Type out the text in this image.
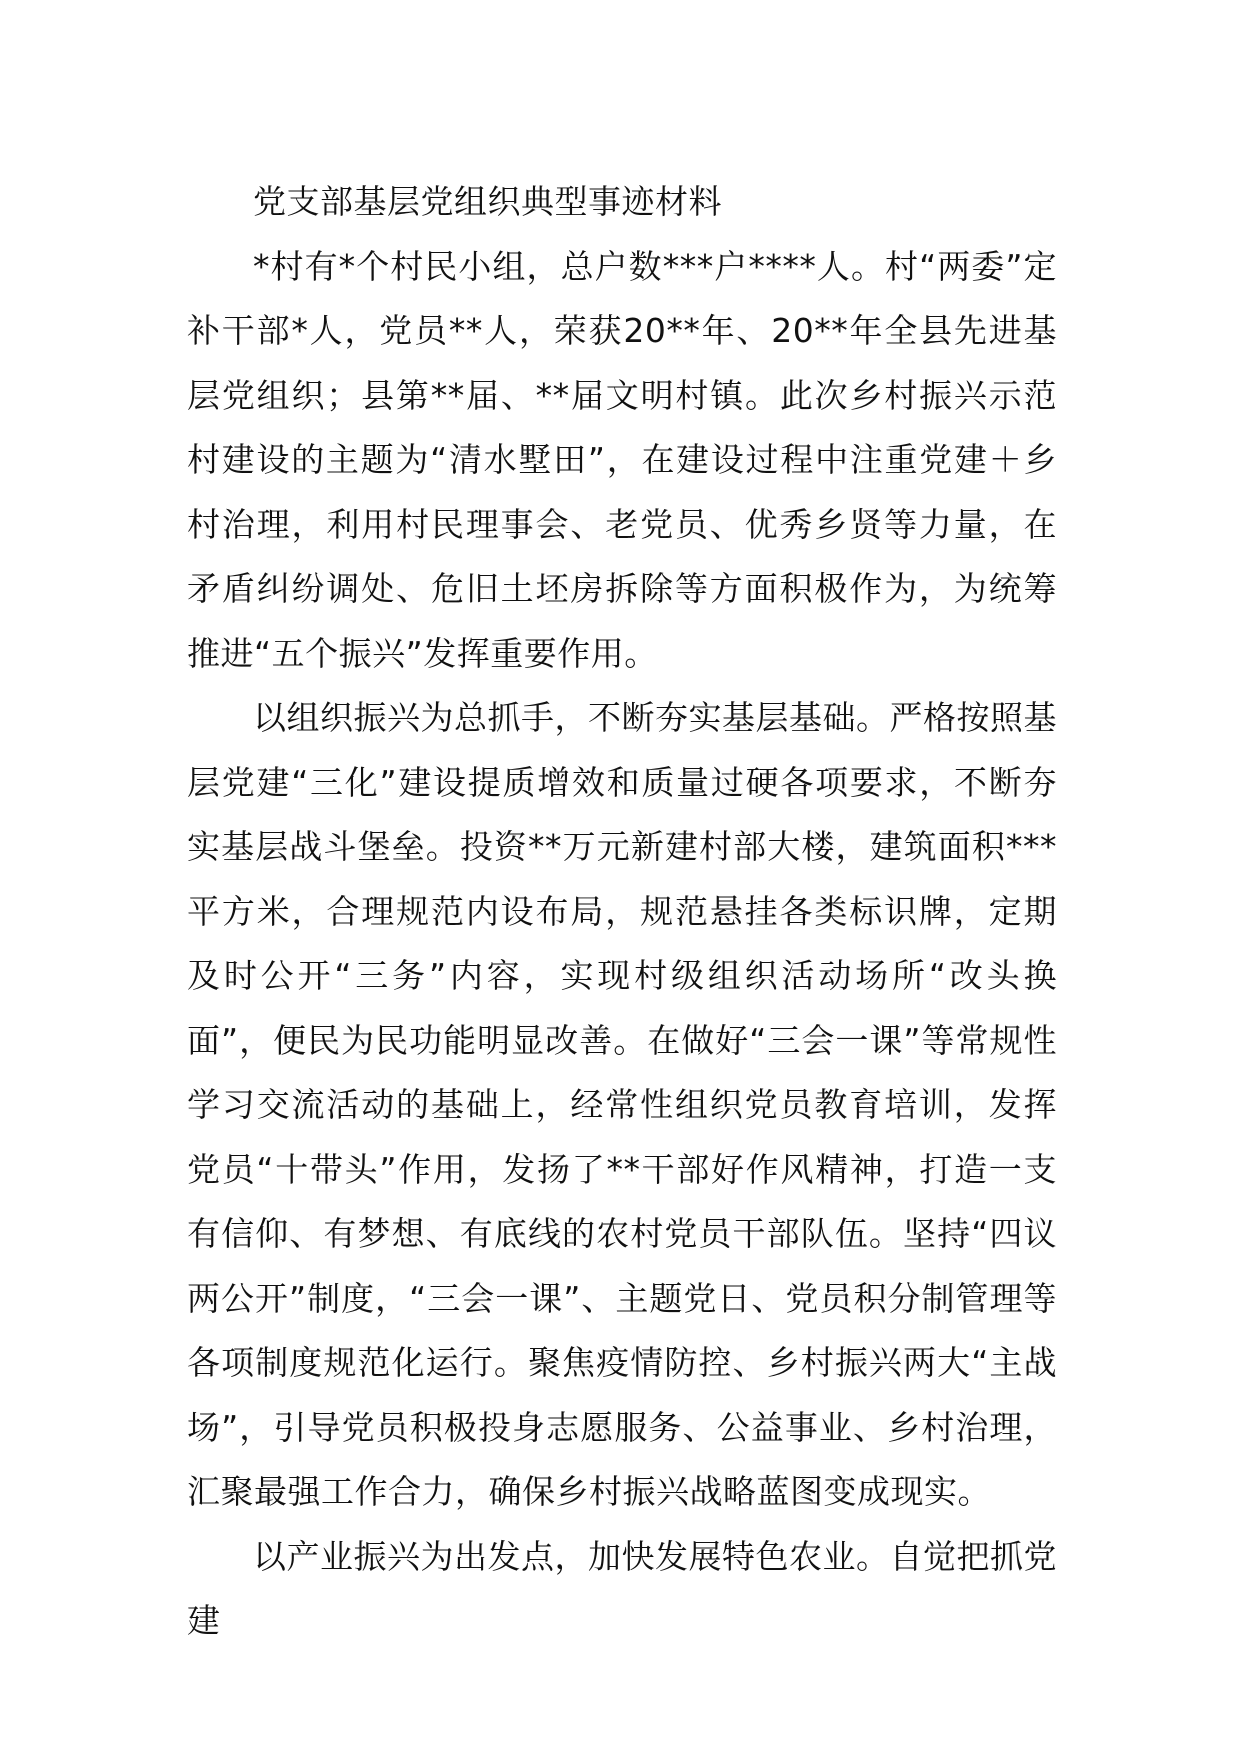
党支部基层党组织典型事迹材料

*村有*个村民小组，总户数***户****人。村“两委”定补干部*人，党员**人，荣获20**年、20**年全县先进基层党组织；县第**届、**届文明村镇。此次乡村振兴示范村建设的主题为“清水墅田”，在建设过程中注重党建＋乡村治理，利用村民理事会、老党员、优秀乡贤等力量，在矛盾纠纷调处、危旧土坯房拆除等方面积极作为，为统筹推进“五个振兴”发挥重要作用。

以组织振兴为总抓手，不断夯实基层基础。严格按照基层党建“三化”建设提质增效和质量过硬各项要求，不断夯实基层战斗堡垒。投资**万元新建村部大楼，建筑面积***平方米，合理规范内设布局，规范悬挂各类标识牌，定期及时公开“三务”内容，实现村级组织活动场所“改头换面”，便民为民功能明显改善。在做好“三会一课”等常规性学习交流活动的基础上，经常性组织党员教育培训，发挥党员“十带头”作用，发扬了**干部好作风精神，打造一支有信仰、有梦想、有底线的农村党员干部队伍。坚持“四议两公开”制度，“三会一课”、主题党日、党员积分制管理等各项制度规范化运行。聚焦疫情防控、乡村振兴两大“主战场”，引导党员积极投身志愿服务、公益事业、乡村治理，汇聚最强工作合力，确保乡村振兴战略蓝图变成现实。

以产业振兴为出发点，加快发展特色农业。自觉把抓党建
